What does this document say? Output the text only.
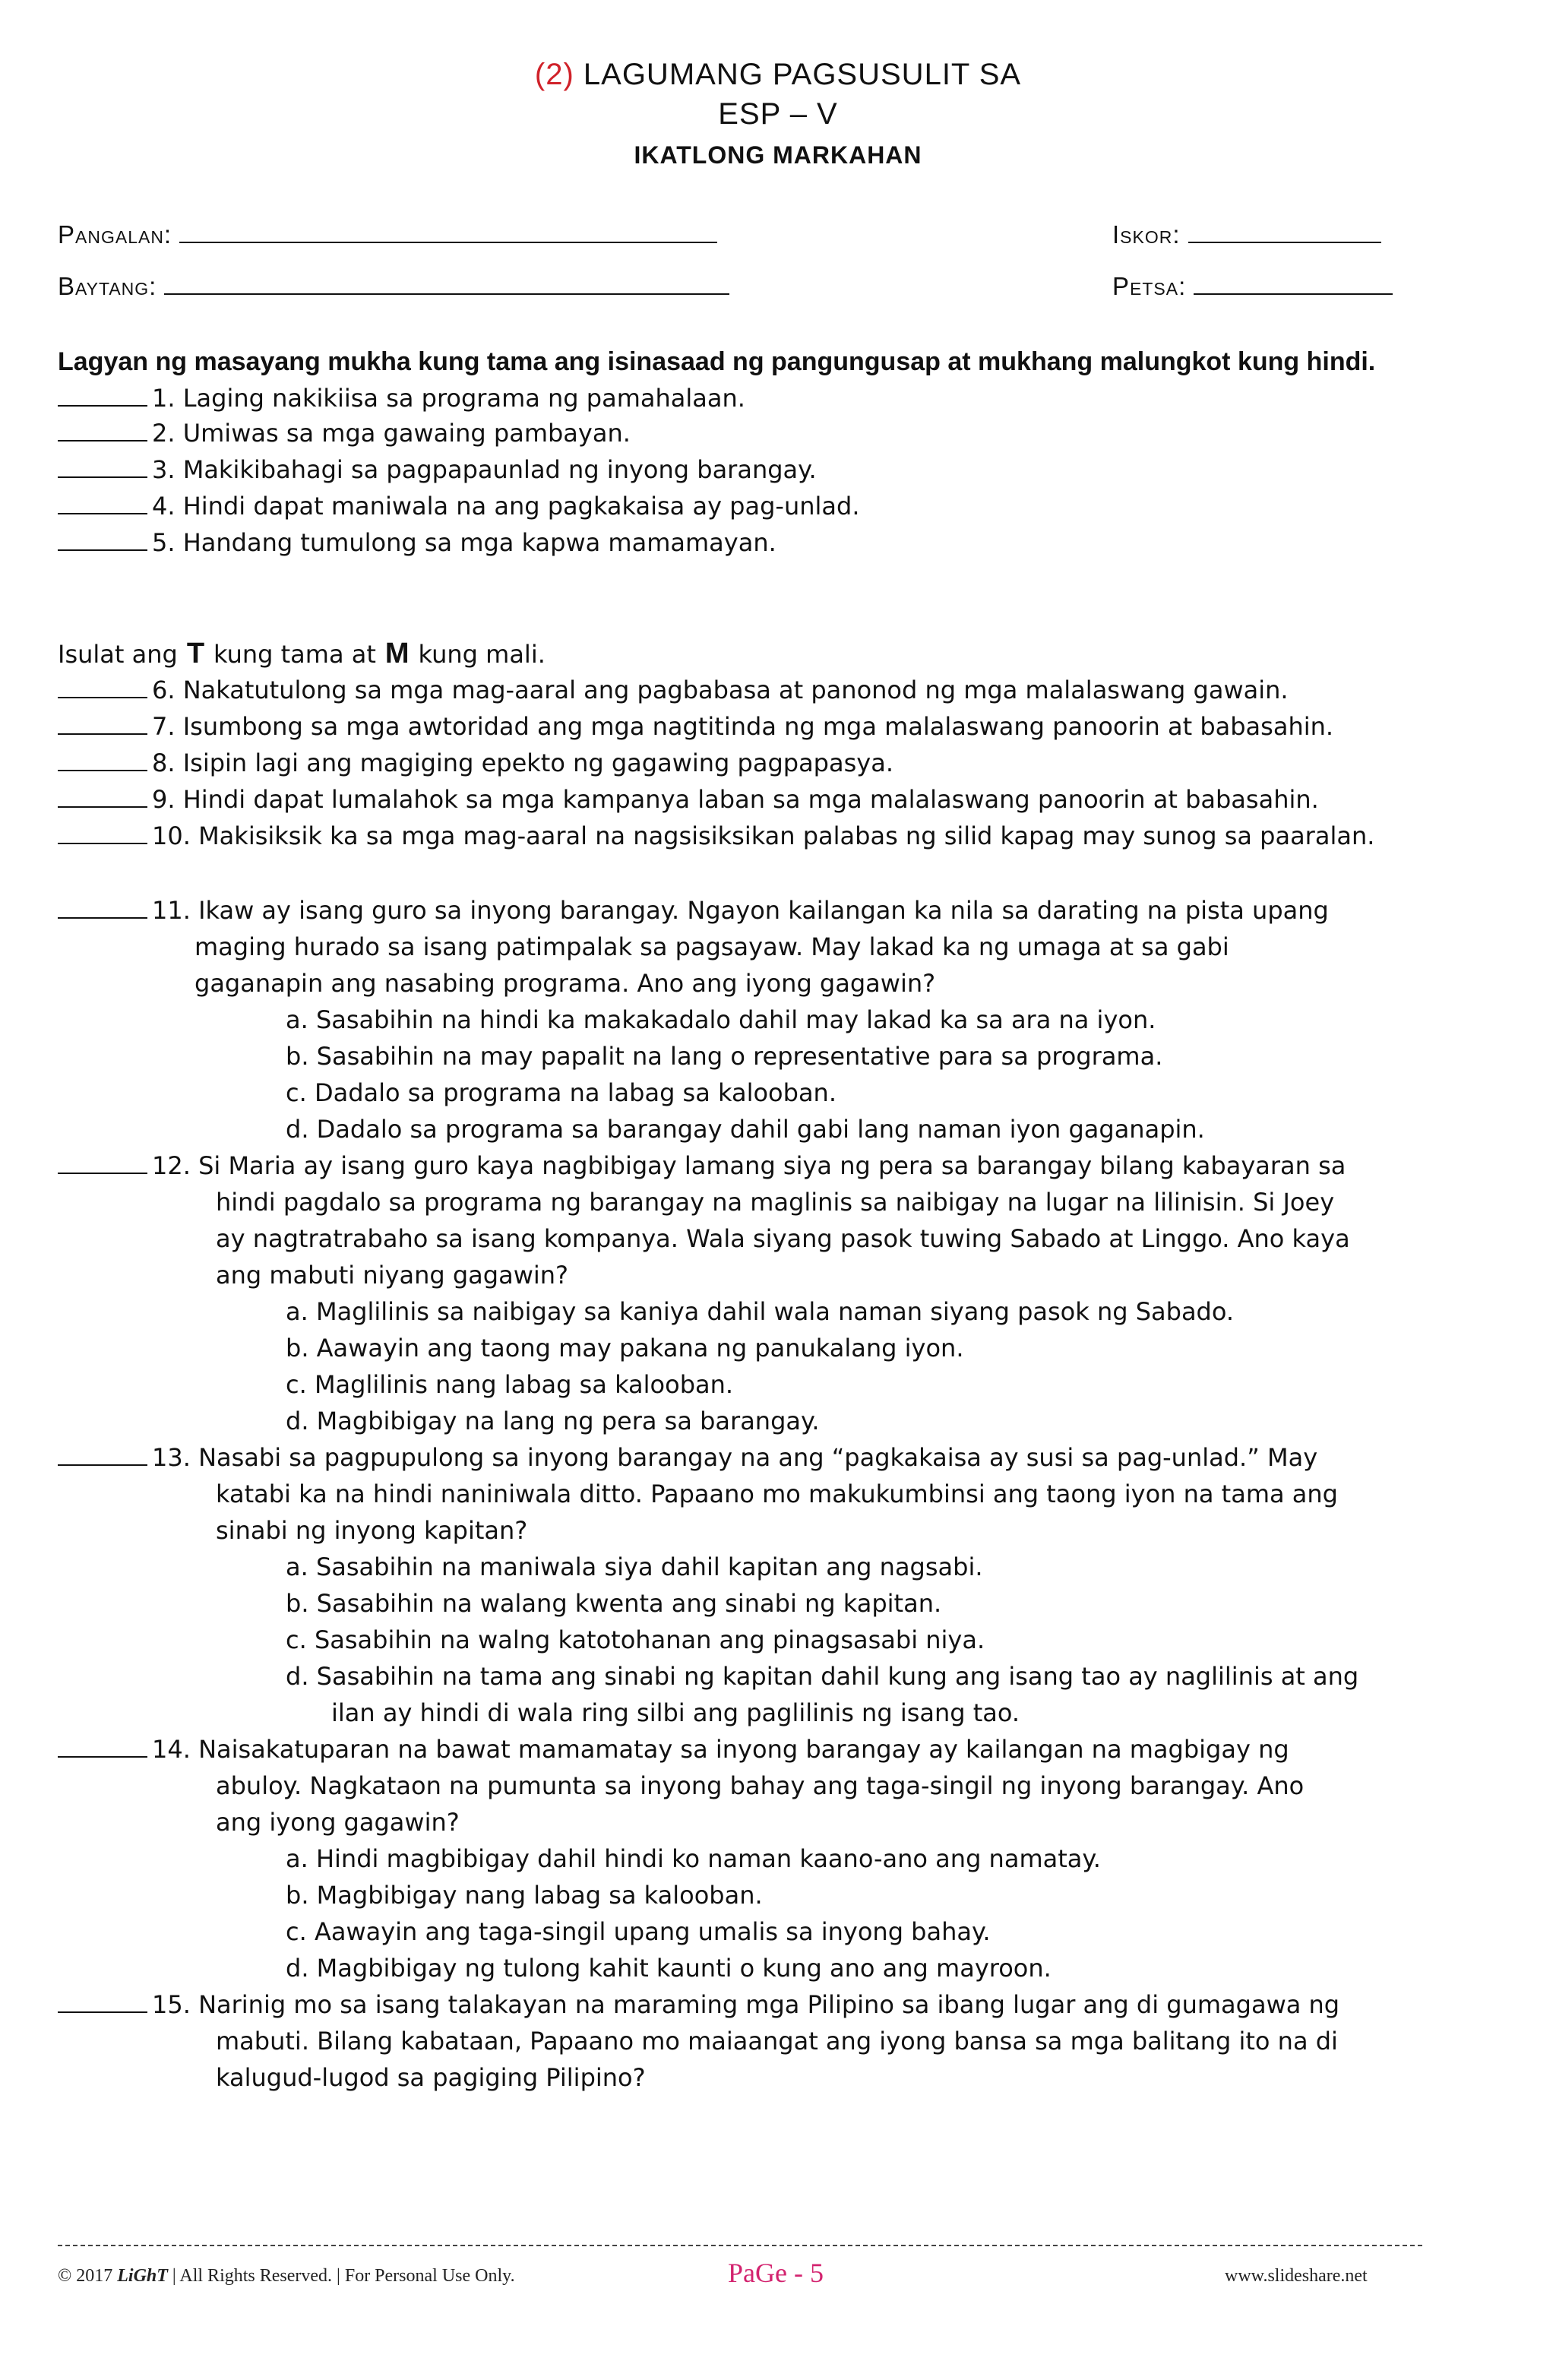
(2) LAGUMANG PAGSUSULIT SA
ESP – V
IKATLONG MARKAHAN
Pangalan:	Iskor:
Baytang:	Petsa:
Lagyan ng masayang mukha kung tama ang isinasaad ng pangungusap at mukhang malungkot kung hindi.
1. Laging nakikiisa sa programa ng pamahalaan.
2. Umiwas sa mga gawaing pambayan.
3. Makikibahagi sa pagpapaunlad ng inyong barangay.
4. Hindi dapat maniwala na ang pagkakaisa ay pag-unlad.
5. Handang tumulong sa mga kapwa mamamayan.
Isulat ang T kung tama at M kung mali.
6. Nakatutulong sa mga mag-aaral ang pagbabasa at panonod ng mga malalaswang gawain.
7. Isumbong sa mga awtoridad ang mga nagtitinda ng mga malalaswang panoorin at babasahin.
8. Isipin lagi ang magiging epekto ng gagawing pagpapasya.
9. Hindi dapat lumalahok sa mga kampanya laban sa mga malalaswang panoorin at babasahin.
10. Makisiksik ka sa mga mag-aaral na nagsisiksikan palabas ng silid kapag may sunog sa paaralan.
11. Ikaw ay isang guro sa inyong barangay. Ngayon kailangan ka nila sa darating na pista upang
maging hurado sa isang patimpalak sa pagsayaw. May lakad ka ng umaga at sa gabi
gaganapin ang nasabing programa. Ano ang iyong gagawin?
a. Sasabihin na hindi ka makakadalo dahil may lakad ka sa ara na iyon.
b. Sasabihin na may papalit na lang o representative para sa programa.
c. Dadalo sa programa na labag sa kalooban.
d. Dadalo sa programa sa barangay dahil gabi lang naman iyon gaganapin.
12. Si Maria ay isang guro kaya nagbibigay lamang siya ng pera sa barangay bilang kabayaran sa
hindi pagdalo sa programa ng barangay na maglinis sa naibigay na lugar na lilinisin. Si Joey
ay nagtratrabaho sa isang kompanya. Wala siyang pasok tuwing Sabado at Linggo. Ano kaya
ang mabuti niyang gagawin?
a. Maglilinis sa naibigay sa kaniya dahil wala naman siyang pasok ng Sabado.
b. Aawayin ang taong may pakana ng panukalang iyon.
c. Maglilinis nang labag sa kalooban.
d. Magbibigay na lang ng pera sa barangay.
13. Nasabi sa pagpupulong sa inyong barangay na ang “pagkakaisa ay susi sa pag-unlad.” May
katabi ka na hindi naniniwala ditto. Papaano mo makukumbinsi ang taong iyon na tama ang
sinabi ng inyong kapitan?
a. Sasabihin na maniwala siya dahil kapitan ang nagsabi.
b. Sasabihin na walang kwenta ang sinabi ng kapitan.
c. Sasabihin na walng katotohanan ang pinagsasabi niya.
d. Sasabihin na tama ang sinabi ng kapitan dahil kung ang isang tao ay naglilinis at ang
ilan ay hindi di wala ring silbi ang paglilinis ng isang tao.
14. Naisakatuparan na bawat mamamatay sa inyong barangay ay kailangan na magbigay ng
abuloy. Nagkataon na pumunta sa inyong bahay ang taga-singil ng inyong barangay. Ano
ang iyong gagawin?
a. Hindi magbibigay dahil hindi ko naman kaano-ano ang namatay.
b. Magbibigay nang labag sa kalooban.
c. Aawayin ang taga-singil upang umalis sa inyong bahay.
d. Magbibigay ng tulong kahit kaunti o kung ano ang mayroon.
15. Narinig mo sa isang talakayan na maraming mga Pilipino sa ibang lugar ang di gumagawa ng
mabuti. Bilang kabataan, Papaano mo maiaangat ang iyong bansa sa mga balitang ito na di
kalugud-lugod sa pagiging Pilipino?
© 2017 LiGhT | All Rights Reserved. | For Personal Use Only.	PaGe - 5	www.slideshare.net
